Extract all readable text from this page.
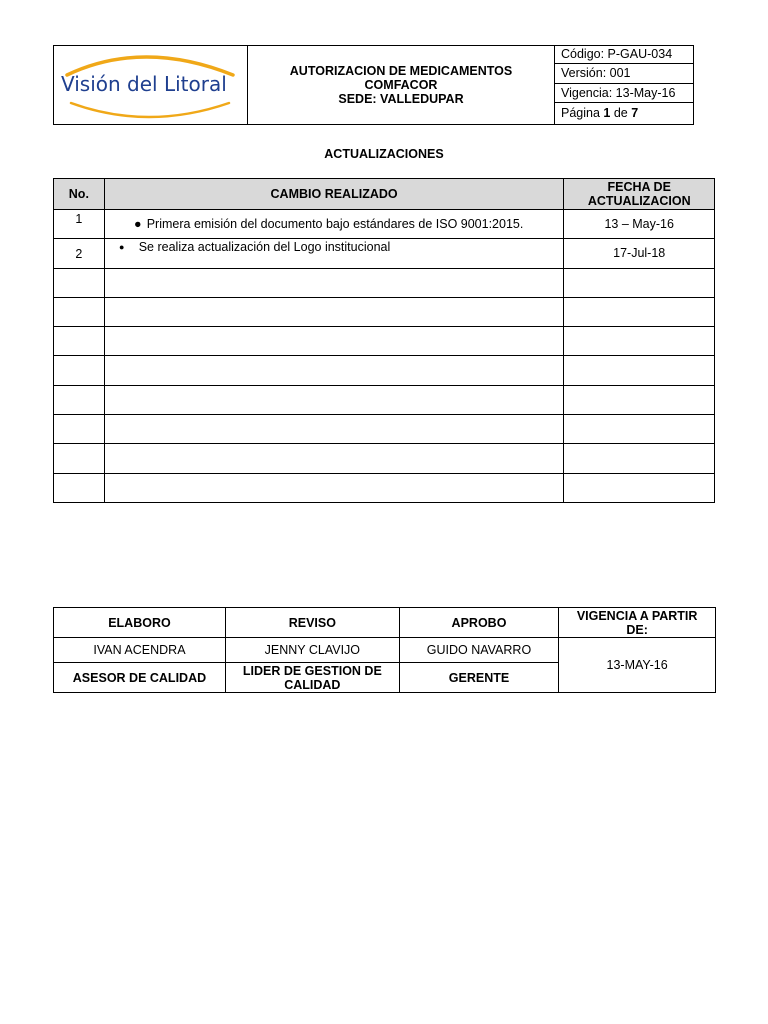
Visión del Litoral
AUTORIZACION DE MEDICAMENTOS
COMFACOR
SEDE: VALLEDUPAR
Código: P-GAU-034
Versión: 001
Vigencia: 13-May-16
Página 1 de 7
ACTUALIZACIONES
No.	CAMBIO REALIZADO	FECHA DE ACTUALIZACION
1	● Primera emisión del documento bajo estándares de ISO 9001:2015.	13 – May-16
2	● Se realiza actualización del Logo institucional	17-Jul-18

ELABORO	REVISO	APROBO	VIGENCIA A PARTIR DE:
IVAN ACENDRA	JENNY CLAVIJO	GUIDO NAVARRO	13-MAY-16
ASESOR DE CALIDAD	LIDER DE GESTION DE CALIDAD	GERENTE	
